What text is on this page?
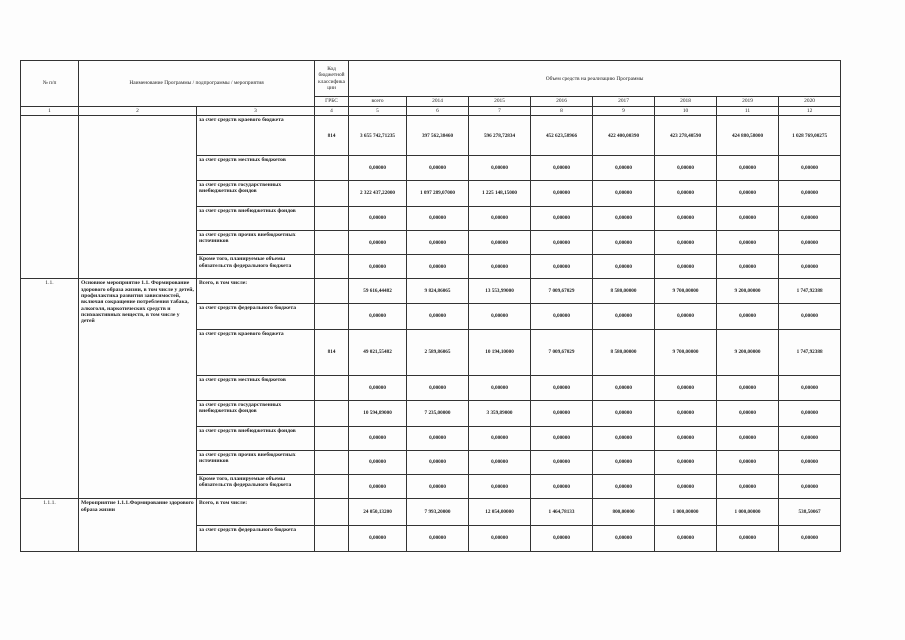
№ п/п	Наименование Программы / подпрограммы / мероприятия		Код бюджетной классификации	Объем средств на реализацию Программы							
			ГРБС	всего	2014	2015	2016	2017	2018	2019	2020
1	2	3	4	5	6	7	8	9	10	11	12
		за счет средств краевого бюджета	814	3 655 742,71235	397 562,38460	596 278,72834	452 623,58966	422 400,00390	423 278,40590	424 880,58000	1 028 769,00275
		за счет средств местных бюджетов		0,00000	0,00000	0,00000	0,00000	0,00000	0,00000	0,00000	0,00000
		за счет средств государственных внебюджетных фондов		2 322 437,22000	1 097 289,07000	1 225 148,15000	0,00000	0,00000	0,00000	0,00000	0,00000
		за счет средств внебюджетных фондов		0,00000	0,00000	0,00000	0,00000	0,00000	0,00000	0,00000	0,00000
		за счет средств прочих внебюджетных источников		0,00000	0,00000	0,00000	0,00000	0,00000	0,00000	0,00000	0,00000
		Кроме того, планируемые объемы обязательств федерального бюджета		0,00000	0,00000	0,00000	0,00000	0,00000	0,00000	0,00000	0,00000
1.1.	Основное мероприятие 1.1. Формирование здорового образа жизни, в том числе у детей, профилактика развития зависимостей, включая сокращение потребления табака, алкоголя, наркотических средств и психоактивных веществ, в том числе у детей	Всего, в том числе:		59 616,44482	9 824,86065	13 553,99000	7 009,67029	8 580,00000	9 700,00000	9 200,00000	1 747,92388
		за счет средств федерального бюджета		0,00000	0,00000	0,00000	0,00000	0,00000	0,00000	0,00000	0,00000
		за счет средств краевого бюджета	814	49 021,55482	2 589,86065	10 194,10000	7 009,67029	8 580,00000	9 700,00000	9 200,00000	1 747,92388
		за счет средств местных бюджетов		0,00000	0,00000	0,00000	0,00000	0,00000	0,00000	0,00000	0,00000
		за счет средств государственных внебюджетных фондов		10 594,89000	7 235,00000	3 359,89000	0,00000	0,00000	0,00000	0,00000	0,00000
		за счет средств внебюджетных фондов		0,00000	0,00000	0,00000	0,00000	0,00000	0,00000	0,00000	0,00000
		за счет средств прочих внебюджетных источников		0,00000	0,00000	0,00000	0,00000	0,00000	0,00000	0,00000	0,00000
		Кроме того, планируемые объемы обязательств федерального бюджета		0,00000	0,00000	0,00000	0,00000	0,00000	0,00000	0,00000	0,00000
1.1.1.	Мероприятие 1.1.1.Формирование здорового образа жизни	Всего, в том числе:		24 050,13200	7 993,20000	12 054,00000	1 464,78133	800,00000	1 000,00000	1 000,00000	538,50067
		за счет средств федерального бюджета		0,00000	0,00000	0,00000	0,00000	0,00000	0,00000	0,00000	0,00000
